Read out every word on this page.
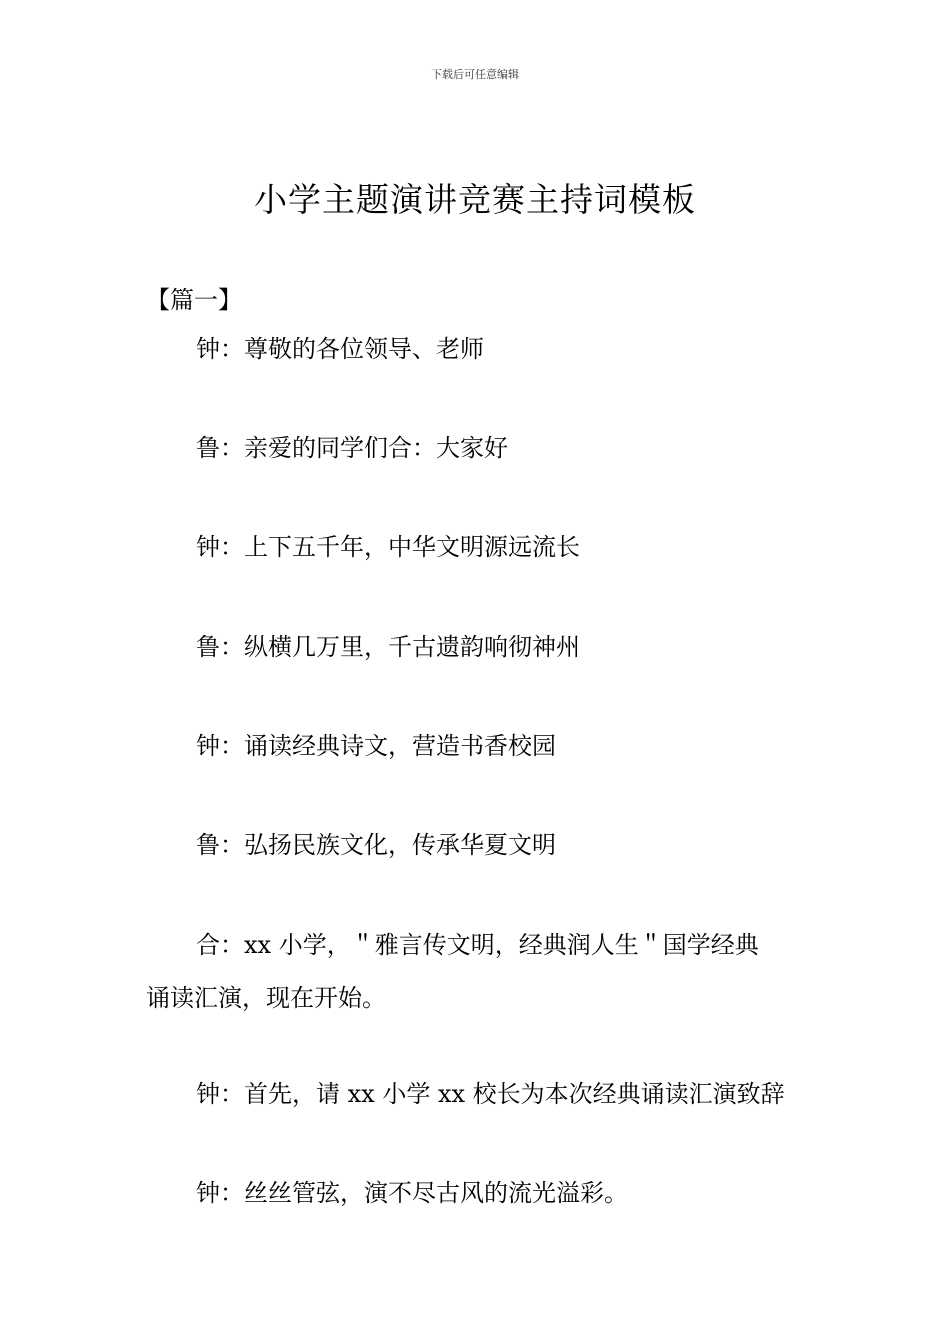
下载后可任意编辑
小学主题演讲竞赛主持词模板
【篇一】
钟：尊敬的各位领导、老师
鲁：亲爱的同学们合：大家好
钟：上下五千年，中华文明源远流长
鲁：纵横几万里，千古遗韵响彻神州
钟：诵读经典诗文，营造书香校园
鲁：弘扬民族文化，传承华夏文明
合：xx 小学，＂雅言传文明，经典润人生＂国学经典
诵读汇演，现在开始。
钟：首先，请 xx 小学 xx 校长为本次经典诵读汇演致辞
钟：丝丝管弦，演不尽古风的流光溢彩。
